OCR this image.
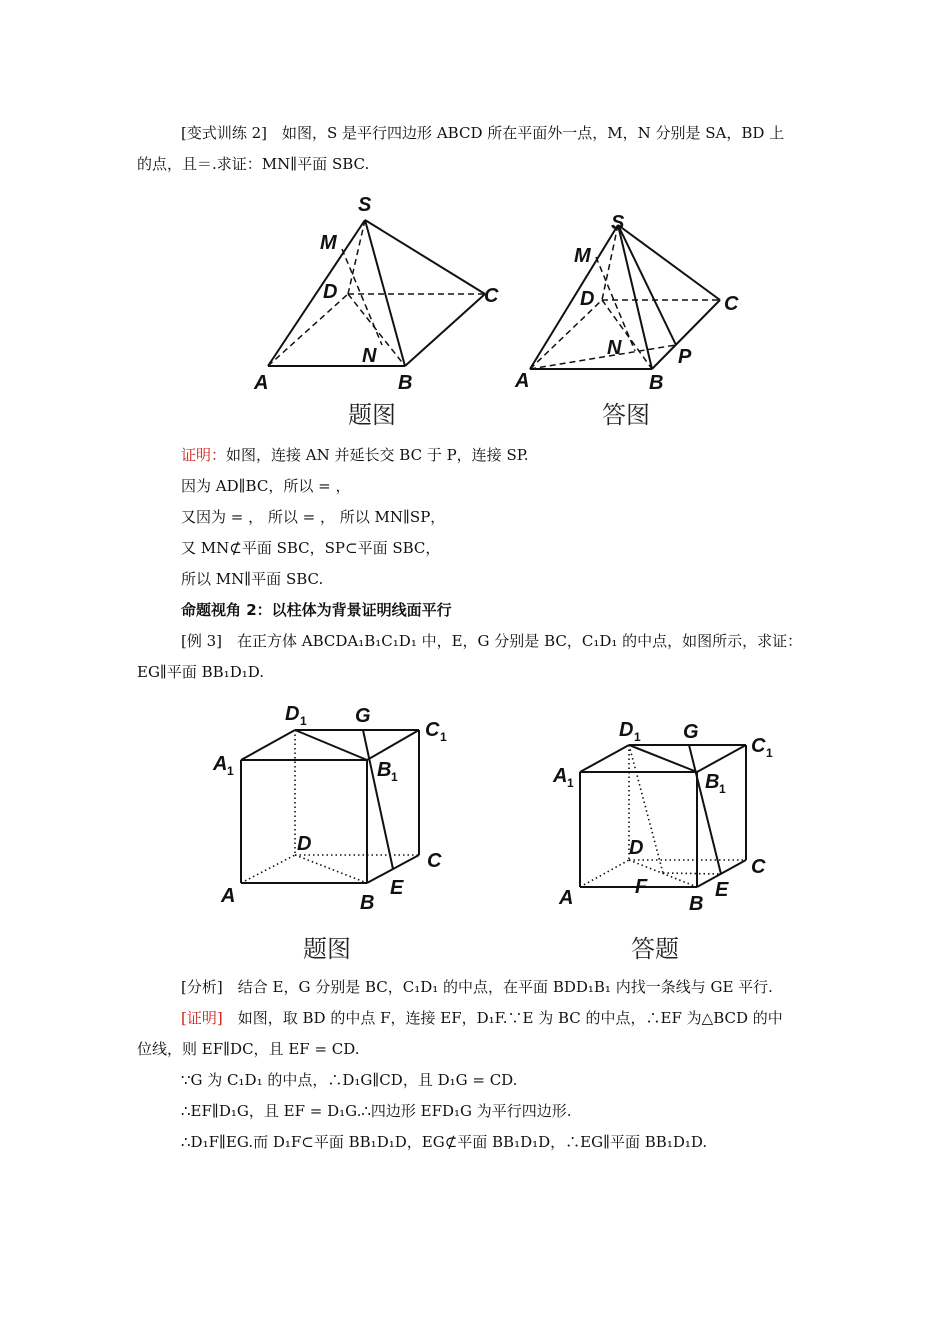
[变式训练 2]　如图，S 是平行四边形 ABCD 所在平面外一点，M，N 分别是 SA，BD 上
的点，且＝.求证：MN∥平面 SBC.
S
M
D	C
N
A	B
题图
S
M
D	C
N	P
A	B
答图
证明：如图，连接 AN 并延长交 BC 于 P，连接 SP.
因为 AD∥BC，所以 = ，
又因为 = ， 所以 = ， 所以 MN∥SP，
又 MN⊄平面 SBC，SP⊂平面 SBC，
所以 MN∥平面 SBC.
命题视角 2：以柱体为背景证明线面平行
[例 3]　在正方体 ABCDA₁B₁C₁D₁ 中，E，G 分别是 BC，C₁D₁ 的中点，如图所示，求证：
EG∥平面 BB₁D₁D.
D 1 G
C 1
A 1	B 1
D
C
E
A	B
题图
D 1 G
C 1
A 1	B 1
D
C
F	E
A	B
答题
[分析]　 结合 E，G 分别是 BC，C₁D₁ 的中点，在平面 BDD₁B₁ 内找一条线与 GE 平行.
[证明]　 如图，取 BD 的中点 F，连接 EF，D₁F.∵E 为 BC 的中点，∴EF 为△BCD 的中
位线，则 EF∥DC，且 EF = CD.
∵G 为 C₁D₁ 的中点，∴D₁G∥CD，且 D₁G = CD.
∴EF∥D₁G，且 EF = D₁G.∴四边形 EFD₁G 为平行四边形.
∴D₁F∥EG.而 D₁F⊂平面 BB₁D₁D，EG⊄平面 BB₁D₁D，∴EG∥平面 BB₁D₁D.
